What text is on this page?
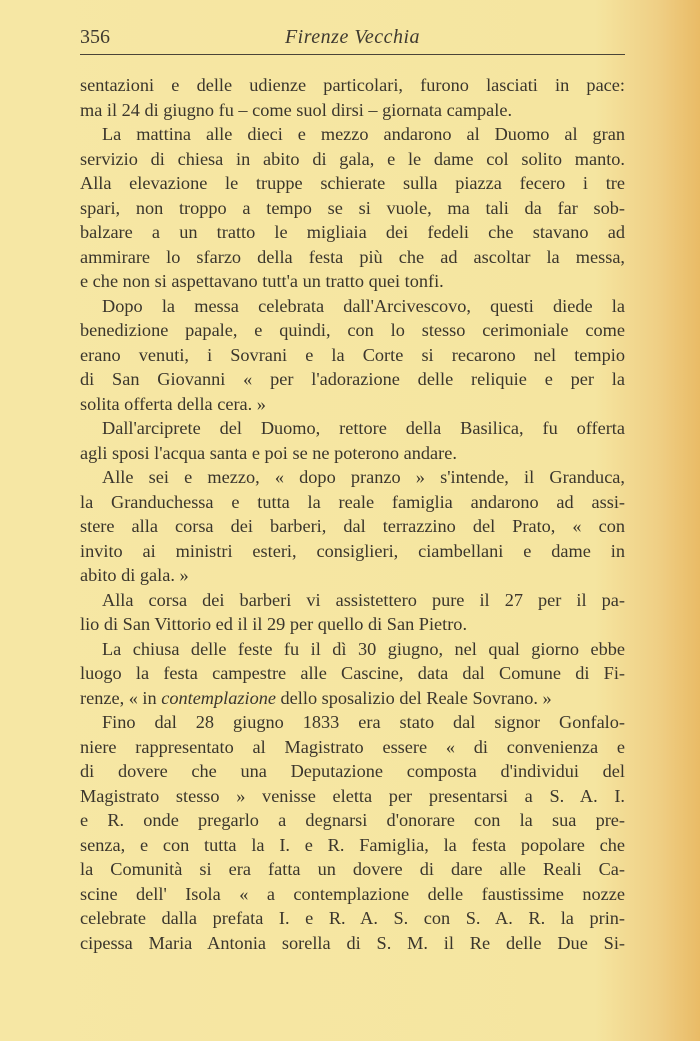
356	Firenze Vecchia
sentazioni e delle udienze particolari, furono lasciati in pace:
ma il 24 di giugno fu – come suol dirsi – giornata campale.
La mattina alle dieci e mezzo andarono al Duomo al gran
servizio di chiesa in abito di gala, e le dame col solito manto.
Alla elevazione le truppe schierate sulla piazza fecero i tre
spari, non troppo a tempo se si vuole, ma tali da far sob-
balzare a un tratto le migliaia dei fedeli che stavano ad
ammirare lo sfarzo della festa più che ad ascoltar la messa,
e che non si aspettavano tutt'a un tratto quei tonfi.
Dopo la messa celebrata dall'Arcivescovo, questi diede la
benedizione papale, e quindi, con lo stesso cerimoniale come
erano venuti, i Sovrani e la Corte si recarono nel tempio
di San Giovanni « per l'adorazione delle reliquie e per la
solita offerta della cera. »
Dall'arciprete del Duomo, rettore della Basilica, fu offerta
agli sposi l'acqua santa e poi se ne poterono andare.
Alle sei e mezzo, « dopo pranzo » s'intende, il Granduca,
la Granduchessa e tutta la reale famiglia andarono ad assi-
stere alla corsa dei barberi, dal terrazzino del Prato, « con
invito ai ministri esteri, consiglieri, ciambellani e dame in
abito di gala. »
Alla corsa dei barberi vi assistettero pure il 27 per il pa-
lio di San Vittorio ed il il 29 per quello di San Pietro.
La chiusa delle feste fu il dì 30 giugno, nel qual giorno ebbe
luogo la festa campestre alle Cascine, data dal Comune di Fi-
renze, « in contemplazione dello sposalizio del Reale Sovrano. »
Fino dal 28 giugno 1833 era stato dal signor Gonfalo-
niere rappresentato al Magistrato essere « di convenienza e
di dovere che una Deputazione composta d'individui del
Magistrato stesso » venisse eletta per presentarsi a S. A. I.
e R. onde pregarlo a degnarsi d'onorare con la sua pre-
senza, e con tutta la I. e R. Famiglia, la festa popolare che
la Comunità si era fatta un dovere di dare alle Reali Ca-
scine dell' Isola « a contemplazione delle faustissime nozze
celebrate dalla prefata I. e R. A. S. con S. A. R. la prin-
cipessa Maria Antonia sorella di S. M. il Re delle Due Si-
